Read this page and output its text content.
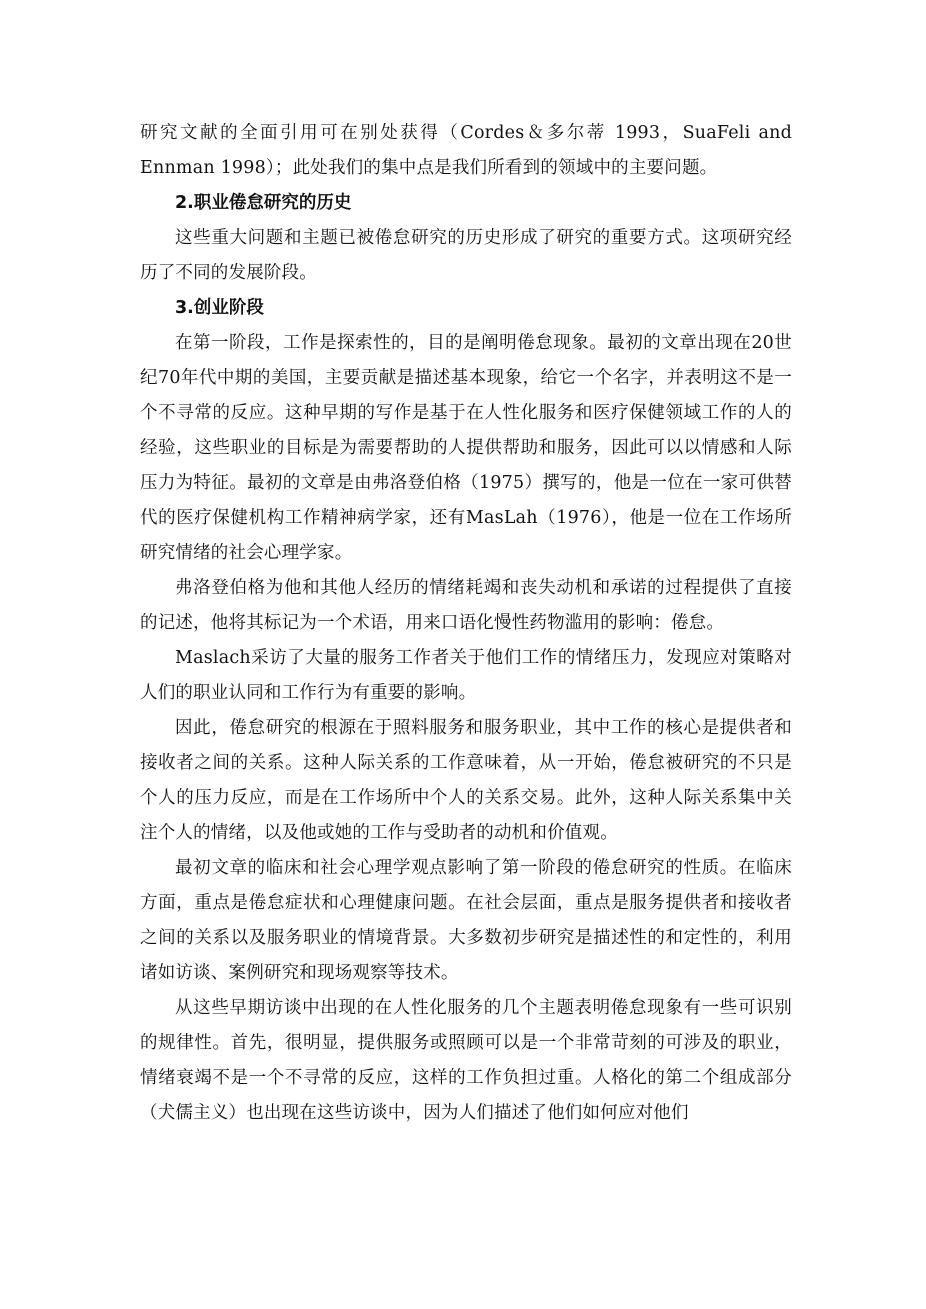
研究文献的全面引用可在别处获得（Cordes＆多尔蒂 1993，SuaFeli and Ennman 1998）；此处我们的集中点是我们所看到的领域中的主要问题。

2.职业倦怠研究的历史

这些重大问题和主题已被倦怠研究的历史形成了研究的重要方式。这项研究经历了不同的发展阶段。

3.创业阶段

在第一阶段，工作是探索性的，目的是阐明倦怠现象。最初的文章出现在20世纪70年代中期的美国，主要贡献是描述基本现象，给它一个名字，并表明这不是一个不寻常的反应。这种早期的写作是基于在人性化服务和医疗保健领域工作的人的经验，这些职业的目标是为需要帮助的人提供帮助和服务，因此可以以情感和人际压力为特征。最初的文章是由弗洛登伯格（1975）撰写的，他是一位在一家可供替代的医疗保健机构工作精神病学家，还有MasLah（1976），他是一位在工作场所研究情绪的社会心理学家。

弗洛登伯格为他和其他人经历的情绪耗竭和丧失动机和承诺的过程提供了直接的记述，他将其标记为一个术语，用来口语化慢性药物滥用的影响：倦怠。

Maslach采访了大量的服务工作者关于他们工作的情绪压力，发现应对策略对人们的职业认同和工作行为有重要的影响。

因此，倦怠研究的根源在于照料服务和服务职业，其中工作的核心是提供者和接收者之间的关系。这种人际关系的工作意味着，从一开始，倦怠被研究的不只是个人的压力反应，而是在工作场所中个人的关系交易。此外，这种人际关系集中关注个人的情绪，以及他或她的工作与受助者的动机和价值观。

最初文章的临床和社会心理学观点影响了第一阶段的倦怠研究的性质。在临床方面，重点是倦怠症状和心理健康问题。在社会层面，重点是服务提供者和接收者之间的关系以及服务职业的情境背景。大多数初步研究是描述性的和定性的，利用诸如访谈、案例研究和现场观察等技术。

从这些早期访谈中出现的在人性化服务的几个主题表明倦怠现象有一些可识别的规律性。首先，很明显，提供服务或照顾可以是一个非常苛刻的可涉及的职业，情绪衰竭不是一个不寻常的反应，这样的工作负担过重。人格化的第二个组成部分（犬儒主义）也出现在这些访谈中，因为人们描述了他们如何应对他们
